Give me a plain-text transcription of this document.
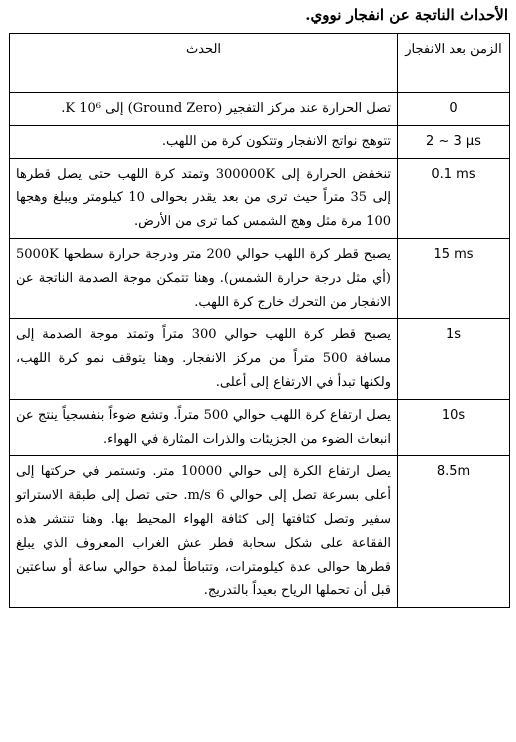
الأحداث الناتجة عن انفجار نووي.
الزمن بعد الانفجار	الحدث
0	تصل الحرارة عند مركز التفجير (Ground Zero) إلى 10⁶ K.
2 ~ 3 μs	تتوهج نواتج الانفجار وتتكون كرة من اللهب.
0.1 ms	تنخفض الحرارة إلى 300000K وتمتد كرة اللهب حتى يصل قطرها إلى 35 متراً حيث ترى من بعد يقدر بحوالى 10 كيلومتر ويبلغ وهجها 100 مرة مثل وهج الشمس كما ترى من الأرض.
15 ms	يصبح قطر كرة اللهب حوالي 200 متر ودرجة حرارة سطحها 5000K (أي مثل درجة حرارة الشمس). وهنا تتمكن موجة الصدمة الناتجة عن الانفجار من التحرك خارج كرة اللهب.
1s	يصبح قطر كرة اللهب حوالي 300 متراً وتمتد موجة الصدمة إلى مسافة 500 متراً من مركز الانفجار. وهنا يتوقف نمو كرة اللهب، ولكنها تبدأ في الارتفاع إلى أعلى.
10s	يصل ارتفاع كرة اللهب حوالي 500 متراً. وتشع ضوءاً بنفسجياً ينتج عن انبعاث الضوء من الجزيئات والذرات المثارة في الهواء.
8.5m	يصل ارتفاع الكرة إلى حوالي 10000 متر. وتستمر في حركتها إلى أعلى بسرعة تصل إلى حوالي 6 m/s. حتى تصل إلى طبقة الاستراتو سفير وتصل كثافتها إلى كثافة الهواء المحيط بها. وهنا تنتشر هذه الفقاعة على شكل سحابة فطر عش الغراب المعروف الذي يبلغ قطرها حوالى عدة كيلومترات، وتتباطأ لمدة حوالي ساعة أو ساعتين قبل أن تحملها الرياح بعيداً بالتدريج.
